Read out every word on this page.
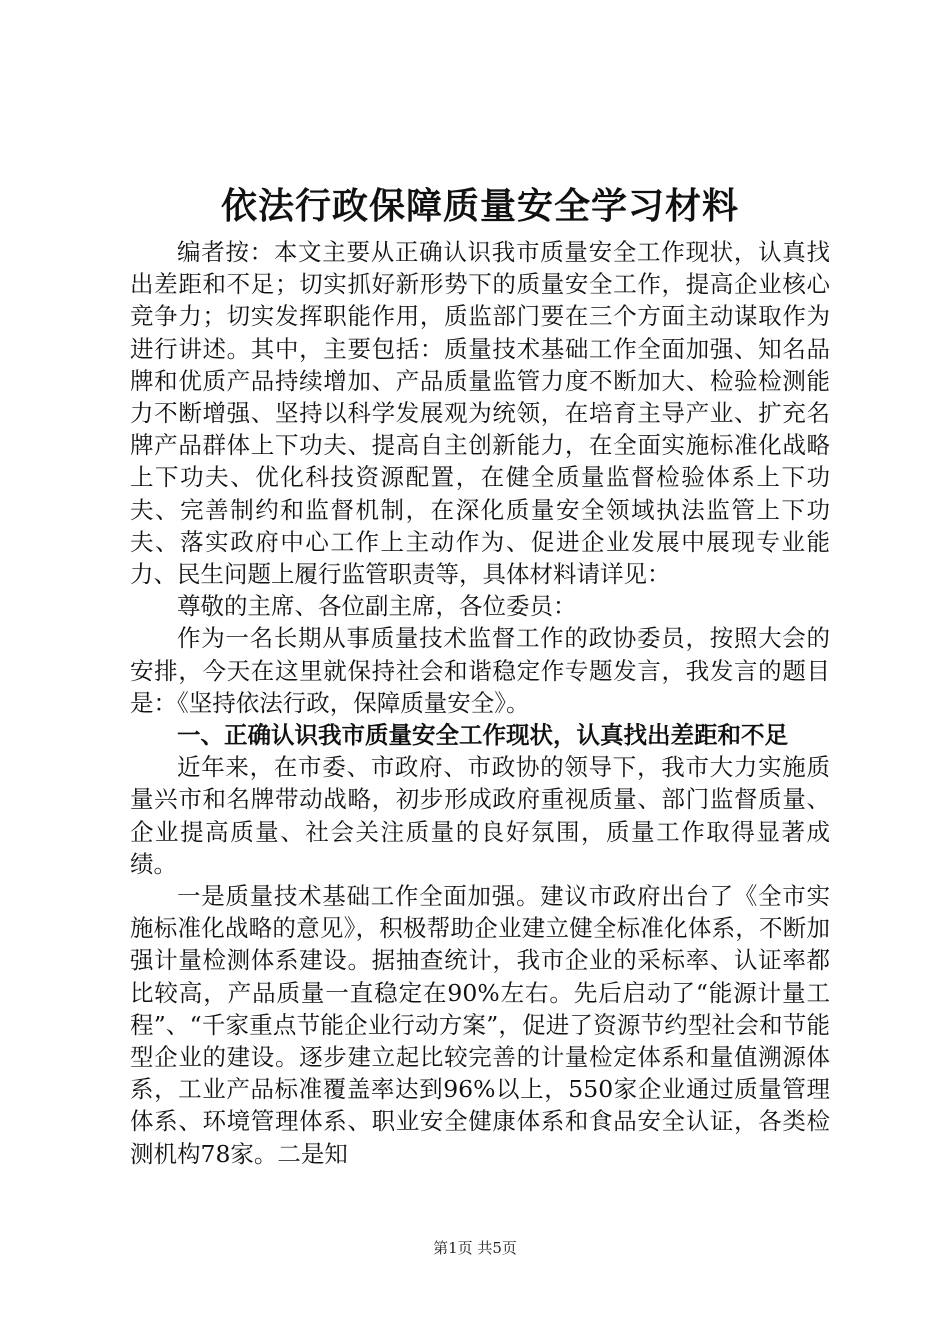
依法行政保障质量安全学习材料

编者按：本文主要从正确认识我市质量安全工作现状，认真找出差距和不足；切实抓好新形势下的质量安全工作，提高企业核心竞争力；切实发挥职能作用，质监部门要在三个方面主动谋取作为进行讲述。其中，主要包括：质量技术基础工作全面加强、知名品牌和优质产品持续增加、产品质量监管力度不断加大、检验检测能力不断增强、坚持以科学发展观为统领，在培育主导产业、扩充名牌产品群体上下功夫、提高自主创新能力，在全面实施标准化战略上下功夫、优化科技资源配置，在健全质量监督检验体系上下功夫、完善制约和监督机制，在深化质量安全领域执法监管上下功夫、落实政府中心工作上主动作为、促进企业发展中展现专业能力、民生问题上履行监管职责等，具体材料请详见：

尊敬的主席、各位副主席，各位委员：

作为一名长期从事质量技术监督工作的政协委员，按照大会的安排，今天在这里就保持社会和谐稳定作专题发言，我发言的题目是：《坚持依法行政，保障质量安全》。

一、正确认识我市质量安全工作现状，认真找出差距和不足

近年来，在市委、市政府、市政协的领导下，我市大力实施质量兴市和名牌带动战略，初步形成政府重视质量、部门监督质量、企业提高质量、社会关注质量的良好氛围，质量工作取得显著成绩。

一是质量技术基础工作全面加强。建议市政府出台了《全市实施标准化战略的意见》，积极帮助企业建立健全标准化体系，不断加强计量检测体系建设。据抽查统计，我市企业的采标率、认证率都比较高，产品质量一直稳定在90%左右。先后启动了“能源计量工程”、“千家重点节能企业行动方案”，促进了资源节约型社会和节能型企业的建设。逐步建立起比较完善的计量检定体系和量值溯源体系，工业产品标准覆盖率达到96%以上，550家企业通过质量管理体系、环境管理体系、职业安全健康体系和食品安全认证，各类检测机构78家。二是知

第1页 共5页
